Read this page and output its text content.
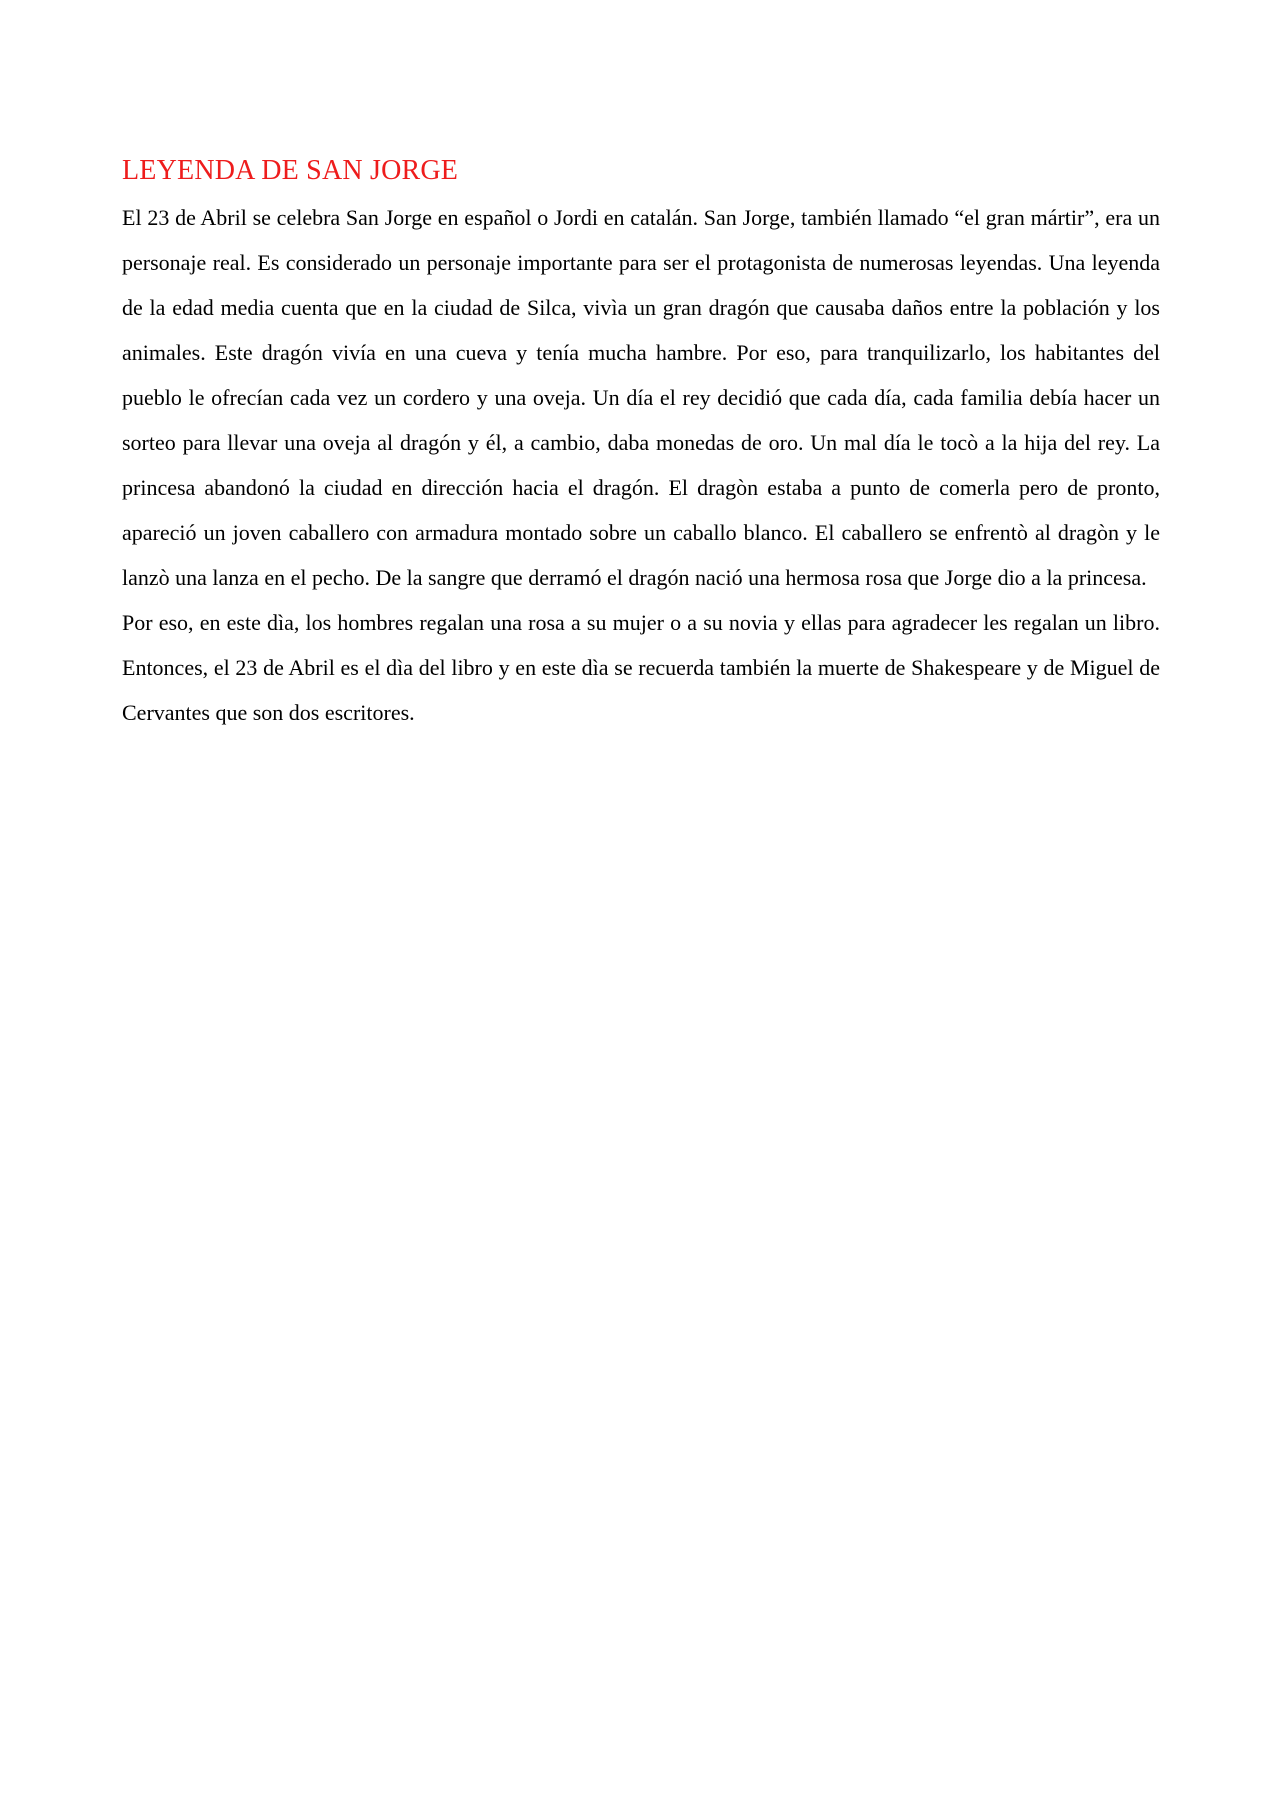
LEYENDA DE SAN JORGE

El 23 de Abril se celebra San Jorge en español o Jordi en catalán. San Jorge, también llamado “el gran mártir”, era un personaje real. Es considerado un personaje importante para ser el protagonista de numerosas leyendas. Una leyenda de la edad media cuenta que en la ciudad de Silca, vivìa un gran dragón que causaba daños entre la población y los animales. Este dragón vivía en una cueva y tenía mucha hambre. Por eso, para tranquilizarlo, los habitantes del pueblo le ofrecían cada vez un cordero y una oveja. Un día el rey decidió que cada día, cada familia debía hacer un sorteo para llevar una oveja al dragón y él, a cambio, daba monedas de oro. Un mal día le tocò a la hija del rey. La princesa abandonó la ciudad en dirección hacia el dragón. El dragòn estaba a punto de comerla pero de pronto, apareció un joven caballero con armadura montado sobre un caballo blanco. El caballero se enfrentò al dragòn y le lanzò una lanza en el pecho. De la sangre que derramó el dragón nació una hermosa rosa que Jorge dio a la princesa.

Por eso, en este dìa, los hombres regalan una rosa a su mujer o a su novia y ellas para agradecer les regalan un libro. Entonces, el 23 de Abril es el dìa del libro y en este dìa se recuerda también la muerte de Shakespeare y de Miguel de Cervantes que son dos escritores.
